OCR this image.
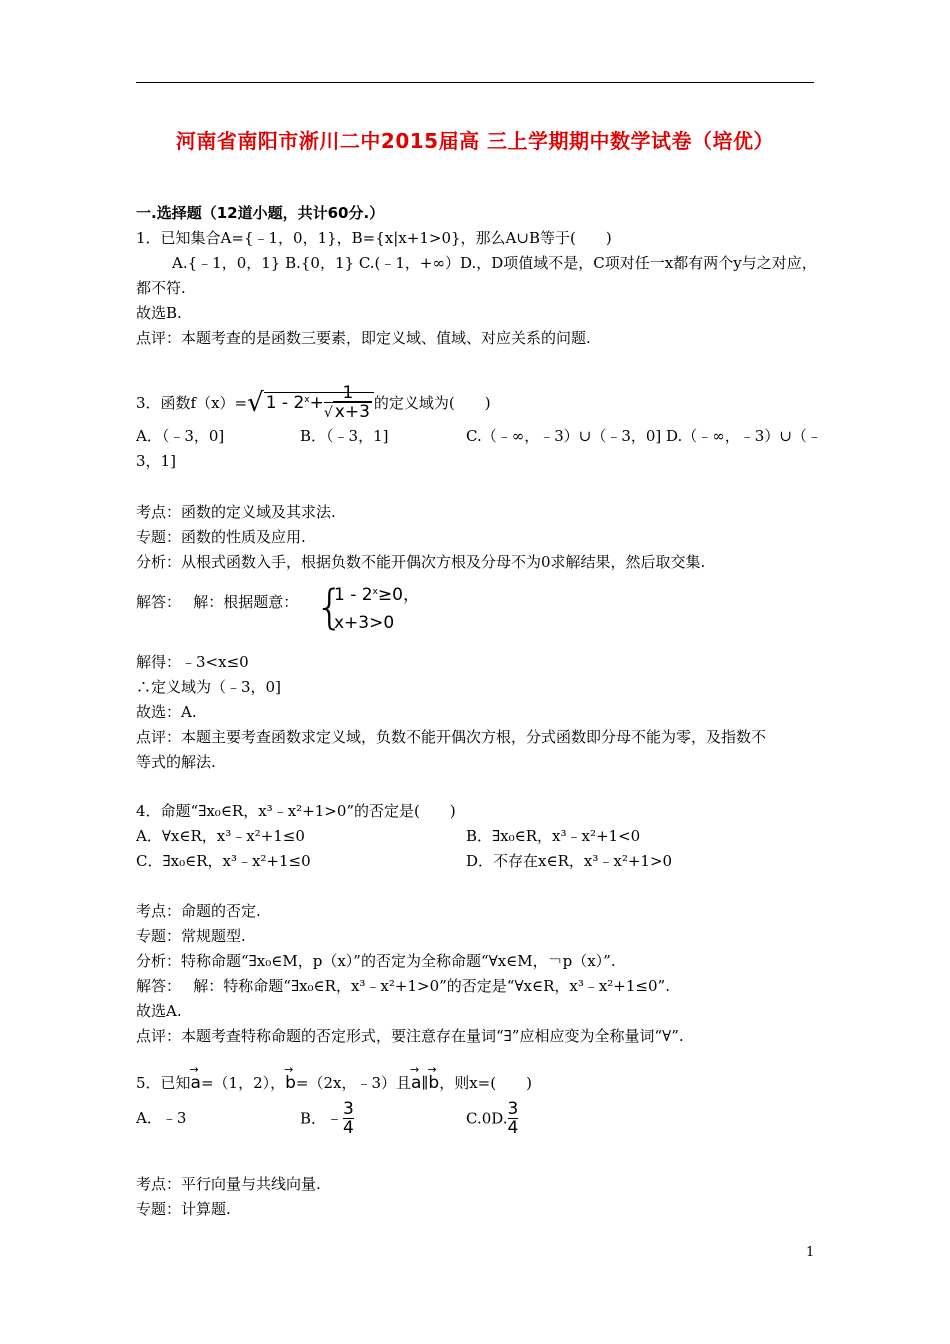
河南省南阳市淅川二中2015届高 三上学期期中数学试卷（培优）
一.选择题（12道小题，共计60分.）
1．已知集合A={﹣1，0，1}，B={x|x+1>0}，那么A∪B等于(　　)
A.{﹣1，0，1} B.{0，1} C.(﹣1，+∞）D.，D项值域不是，C项对任一x都有两个y与之对应，
都不符.
故选B.
点评：本题考查的是函数三要素，即定义域、值域、对应关系的问题.
3．函数f（x）=√ $1 - 2^x+\frac{1}{√ x+3}$ 的定义域为(　　)
A．（﹣3，0]	B．（﹣3，1]	C.（﹣∞，﹣3）∪（﹣3，0] D.（﹣∞，﹣3）∪（﹣
3，1]
考点：函数的定义域及其求法.
专题：函数的性质及应用.
分析：从根式函数入手，根据负数不能开偶次方根及分母不为0求解结果，然后取交集.
解答：　 解：根据题意： {
$1 - 2^x\ge 0$，
x+3>0
解得：﹣3<x≤0
∴定义域为（﹣3，0]
故选：A.
点评：本题主要考查函数求定义域，负数不能开偶次方根，分式函数即分母不能为零，及指数不
等式的解法.
4．命题“∃x₀∈R，x³﹣x²+1>0”的否定是(　　)
A．∀x∈R，x³﹣x²+1≤0	B．∃x₀∈R，x³﹣x²+1<0
C．∃x₀∈R，x³﹣x²+1≤0	D．不存在x∈R，x³﹣x²+1>0
考点：命题的否定.
专题：常规题型.
分析：特称命题“∃x₀∈M，p（x）”的否定为全称命题“∀x∈M，￢p（x）”.
解答：　 解：特称命题“∃x₀∈R，x³﹣x²+1>0”的否定是“∀x∈R，x³﹣x²+1≤0”.
故选A.
点评：本题考查特称命题的否定形式，要注意存在量词“∃”应相应变为全称量词“∀”.
5．已知→ a=（1，2），→ b=（2x，﹣3）且→ a∥→ b，则x=(　　)
A．﹣3	B．$﹣\frac{3}{4}$	$C.0D.\frac{3}{4}$
考点：平行向量与共线向量.
专题：计算题.
1
